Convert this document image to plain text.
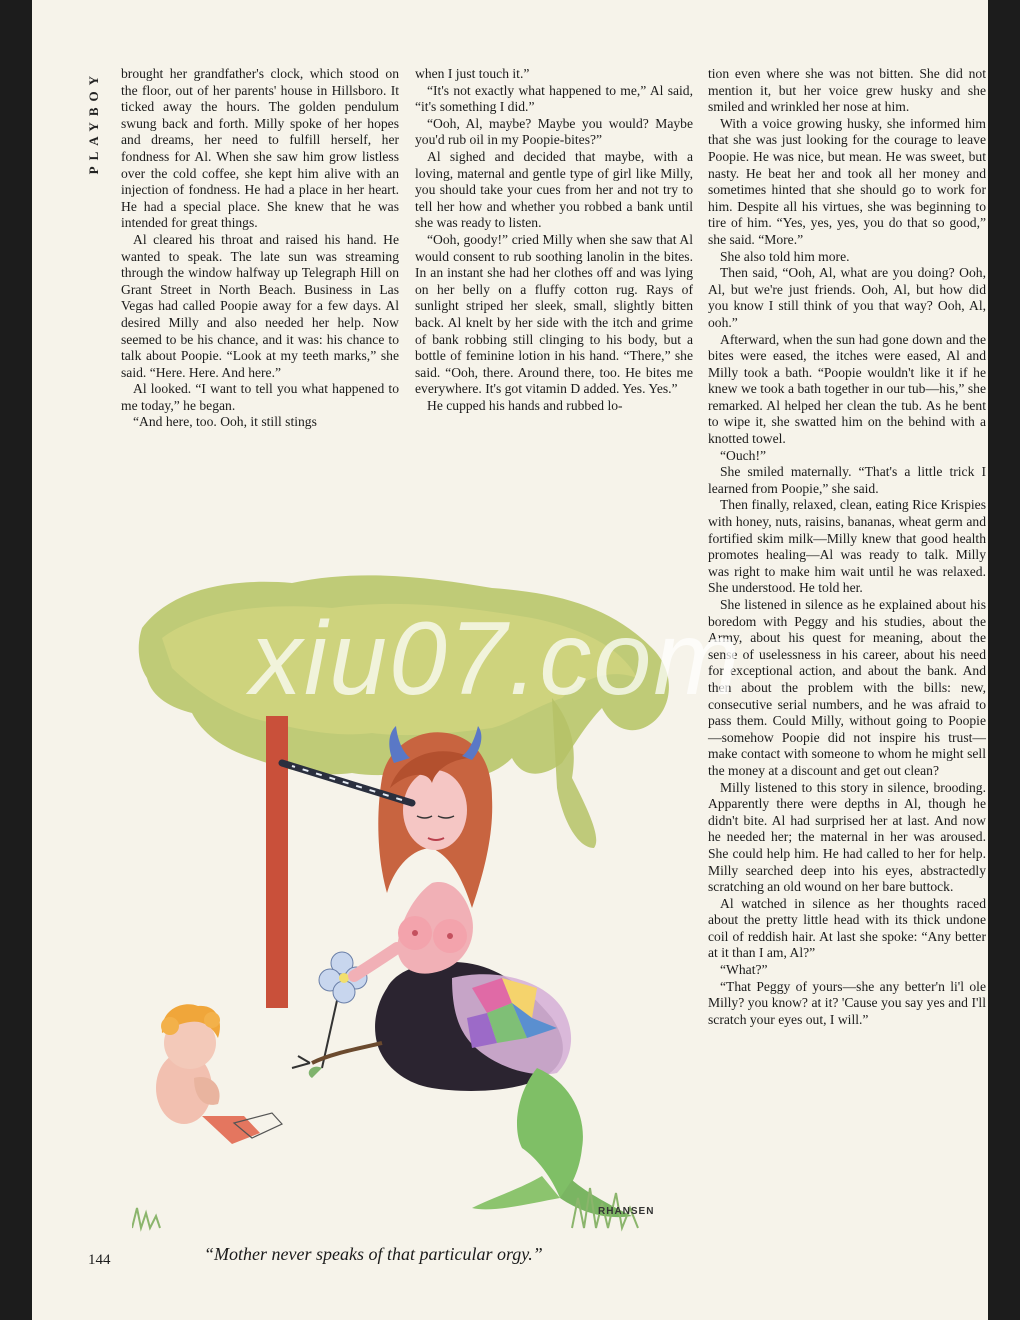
PLAYBOY brought her grandfather's clock, which stood on the floor, out of her parents' house in Hillsboro. It ticked away the hours. The golden pendulum swung back and forth. Milly spoke of her hopes and dreams, her need to fulfill herself, her fondness for Al. When she saw him grow listless over the cold coffee, she kept him alive with an injection of fondness. He had a place in her heart. He had a special place. She knew that he was intended for great things.

Al cleared his throat and raised his hand. He wanted to speak. The late sun was streaming through the window halfway up Telegraph Hill on Grant Street in North Beach. Business in Las Vegas had called Poopie away for a few days. Al desired Milly and also needed her help. Now seemed to be his chance, and it was: his chance to talk about Poopie. “Look at my teeth marks,” she said. “Here. Here. And here.”

Al looked. “I want to tell you what happened to me today,” he began.

“And here, too. Ooh, it still stings

when I just touch it.”

“It's not exactly what happened to me,” Al said, “it's something I did.”

“Ooh, Al, maybe? Maybe you would? Maybe you'd rub oil in my Poopie-bites?”

Al sighed and decided that maybe, with a loving, maternal and gentle type of girl like Milly, you should take your cues from her and not try to tell her how and whether you robbed a bank until she was ready to listen.

“Ooh, goody!” cried Milly when she saw that Al would consent to rub soothing lanolin in the bites. In an instant she had her clothes off and was lying on her belly on a fluffy cotton rug. Rays of sunlight striped her sleek, small, slightly bitten back. Al knelt by her side with the itch and grime of bank robbing still clinging to his body, but a bottle of feminine lotion in his hand. “There,” she said. “Ooh, there. Around there, too. He bites me everywhere. It's got vitamin D added. Yes. Yes.”

He cupped his hands and rubbed lo-

tion even where she was not bitten. She did not mention it, but her voice grew husky and she smiled and wrinkled her nose at him.

With a voice growing husky, she informed him that she was just looking for the courage to leave Poopie. He was nice, but mean. He was sweet, but nasty. He beat her and took all her money and sometimes hinted that she should go to work for him. Despite all his virtues, she was beginning to tire of him. “Yes, yes, yes, you do that so good,” she said. “More.”

She also told him more.

Then said, “Ooh, Al, what are you doing? Ooh, Al, but we're just friends. Ooh, Al, but how did you know I still think of you that way? Ooh, Al, ooh.”

Afterward, when the sun had gone down and the bites were eased, the itches were eased, Al and Milly took a bath. “Poopie wouldn't like it if he knew we took a bath together in our tub—his,” she remarked. Al helped her clean the tub. As he bent to wipe it, she swatted him on the behind with a knotted towel.

“Ouch!”

She smiled maternally. “That's a little trick I learned from Poopie,” she said.

Then finally, relaxed, clean, eating Rice Krispies with honey, nuts, raisins, bananas, wheat germ and fortified skim milk—Milly knew that good health promotes healing—Al was ready to talk. Milly was right to make him wait until he was relaxed. She understood. He told her.

She listened in silence as he explained about his boredom with Peggy and his studies, about the Army, about his quest for meaning, about the sense of uselessness in his career, about his need for exceptional action, and about the bank. And then about the problem with the bills: new, consecutive serial numbers, and he was afraid to pass them. Could Milly, without going to Poopie—somehow Poopie did not inspire his trust—make contact with someone to whom he might sell the money at a discount and get out clean?

Milly listened to this story in silence, brooding. Apparently there were depths in Al, though he didn't bite. Al had surprised her at last. And now he needed her; the maternal in her was aroused. She could help him. He had called to her for help. Milly searched deep into his eyes, abstractedly scratching an old wound on her bare buttock.

Al watched in silence as her thoughts raced about the pretty little head with its thick undone coil of reddish hair. At last she spoke: “Any better at it than I am, Al?”

“What?”

“That Peggy of yours—she any better'n li'l ole Milly? you know? at it? 'Cause you say yes and I'll scratch your eyes out, I will.”

RHANSEN
“Mother never speaks of that particular orgy.”
144
xiu07.com
